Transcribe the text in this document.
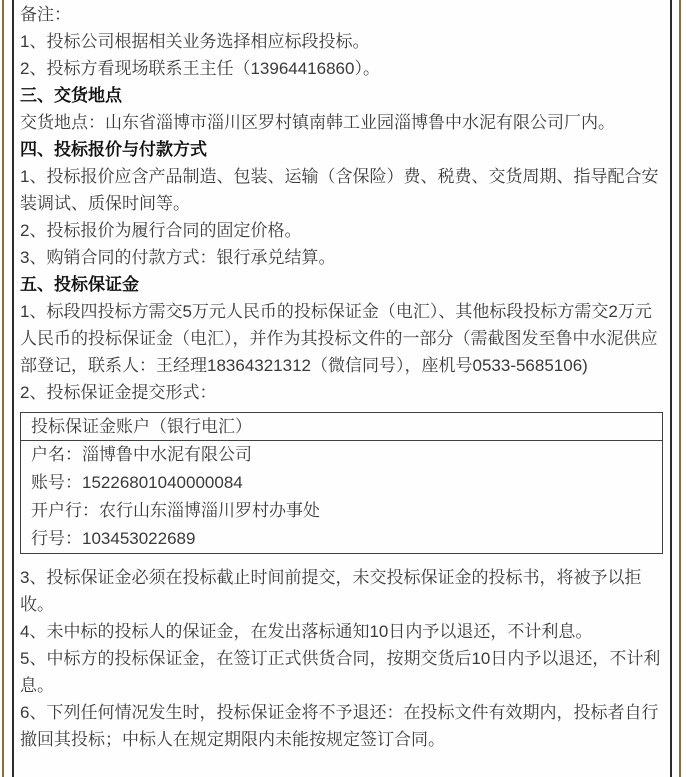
备注：

1、投标公司根据相关业务选择相应标段投标。

2、投标方看现场联系王主任（13964416860）。

三、交货地点

交货地点：山东省淄博市淄川区罗村镇南韩工业园淄博鲁中水泥有限公司厂内。

四、投标报价与付款方式

1、投标报价应含产品制造、包装、运输（含保险）费、税费、交货周期、指导配合安装调试、质保时间等。

2、投标报价为履行合同的固定价格。

3、购销合同的付款方式：银行承兑结算。

五、投标保证金

1、标段四投标方需交5万元人民币的投标保证金（电汇）、其他标段投标方需交2万元人民币的投标保证金（电汇），并作为其投标文件的一部分（需截图发至鲁中水泥供应部登记，联系人：王经理18364321312（微信同号），座机号0533-5685106)

2、投标保证金提交形式：

投标保证金账户（银行电汇）
户名：淄博鲁中水泥有限公司
账号：15226801040000084
开户行：农行山东淄博淄川罗村办事处
行号：103453022689

3、投标保证金必须在投标截止时间前提交，未交投标保证金的投标书，将被予以拒收。

4、未中标的投标人的保证金，在发出落标通知10日内予以退还，不计利息。

5、中标方的投标保证金，在签订正式供货合同，按期交货后10日内予以退还，不计利息。

6、下列任何情况发生时，投标保证金将不予退还：在投标文件有效期内，投标者自行撤回其投标；中标人在规定期限内未能按规定签订合同。
